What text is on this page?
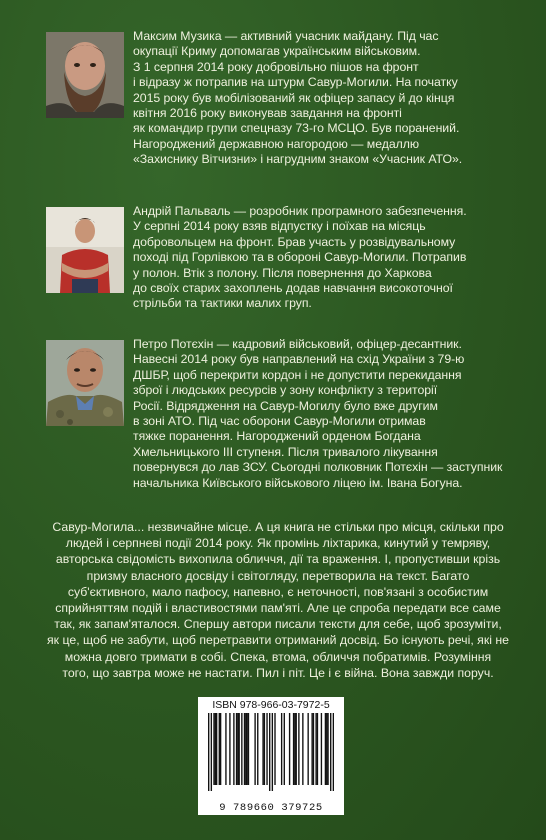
Максим Музика — активний учасник майдану. Під час
окупації Криму допомагав українським військовим.
З 1 серпня 2014 року добровільно пішов на фронт
і відразу ж потрапив на штурм Савур-Могили. На початку
2015 року був мобілізований як офіцер запасу й до кінця
квітня 2016 року виконував завдання на фронті
як командир групи спецназу 73-го МСЦО. Був поранений.
Нагороджений державною нагородою — медаллю
«Захиснику Вітчизни» і нагрудним знаком «Учасник АТО».

Андрій Пальваль — розробник програмного забезпечення.
У серпні 2014 року взяв відпустку і поїхав на місяць
добровольцем на фронт. Брав участь у розвідувальному
поході під Горлівкою та в обороні Савур-Могили. Потрапив
у полон. Втік з полону. Після повернення до Харкова
до своїх старих захоплень додав навчання високоточної
стрільби та тактики малих груп.

Петро Потєхін — кадровий військовий, офіцер-десантник.
Навесні 2014 року був направлений на схід України з 79-ю
ДШБР, щоб перекрити кордон і не допустити перекидання
зброї і людських ресурсів у зону конфлікту з території
Росії. Відрядження на Савур-Могилу було вже другим
в зоні АТО. Під час оборони Савур-Могили отримав
тяжке поранення. Нагороджений орденом Богдана
Хмельницького III ступеня. Після тривалого лікування
повернувся до лав ЗСУ. Сьогодні полковник Потєхін — заступник
начальника Київського військового ліцею ім. Івана Богуна.

Савур-Могила... незвичайне місце. А ця книга не стільки про місця, скільки про
людей і серпневі події 2014 року. Як промінь ліхтарика, кинутий у темряву,
авторська свідомість вихопила обличчя, дії та враження. І, пропустивши крізь
призму власного досвіду і світогляду, перетворила на текст. Багато
суб'єктивного, мало пафосу, напевно, є неточності, пов'язані з особистим
сприйняттям подій і властивостями пам'яті. Але це спроба передати все саме
так, як запам'яталося. Спершу автори писали тексти для себе, щоб зрозуміти,
як це, щоб не забути, щоб перетравити отриманий досвід. Бо існують речі, які не
можна довго тримати в собі. Спека, втома, обличчя побратимів. Розуміння
того, що завтра може не настати. Пил і піт. Це і є війна. Вона завжди поруч.

ISBN 978-966-03-7972-5
9 789660 379725
